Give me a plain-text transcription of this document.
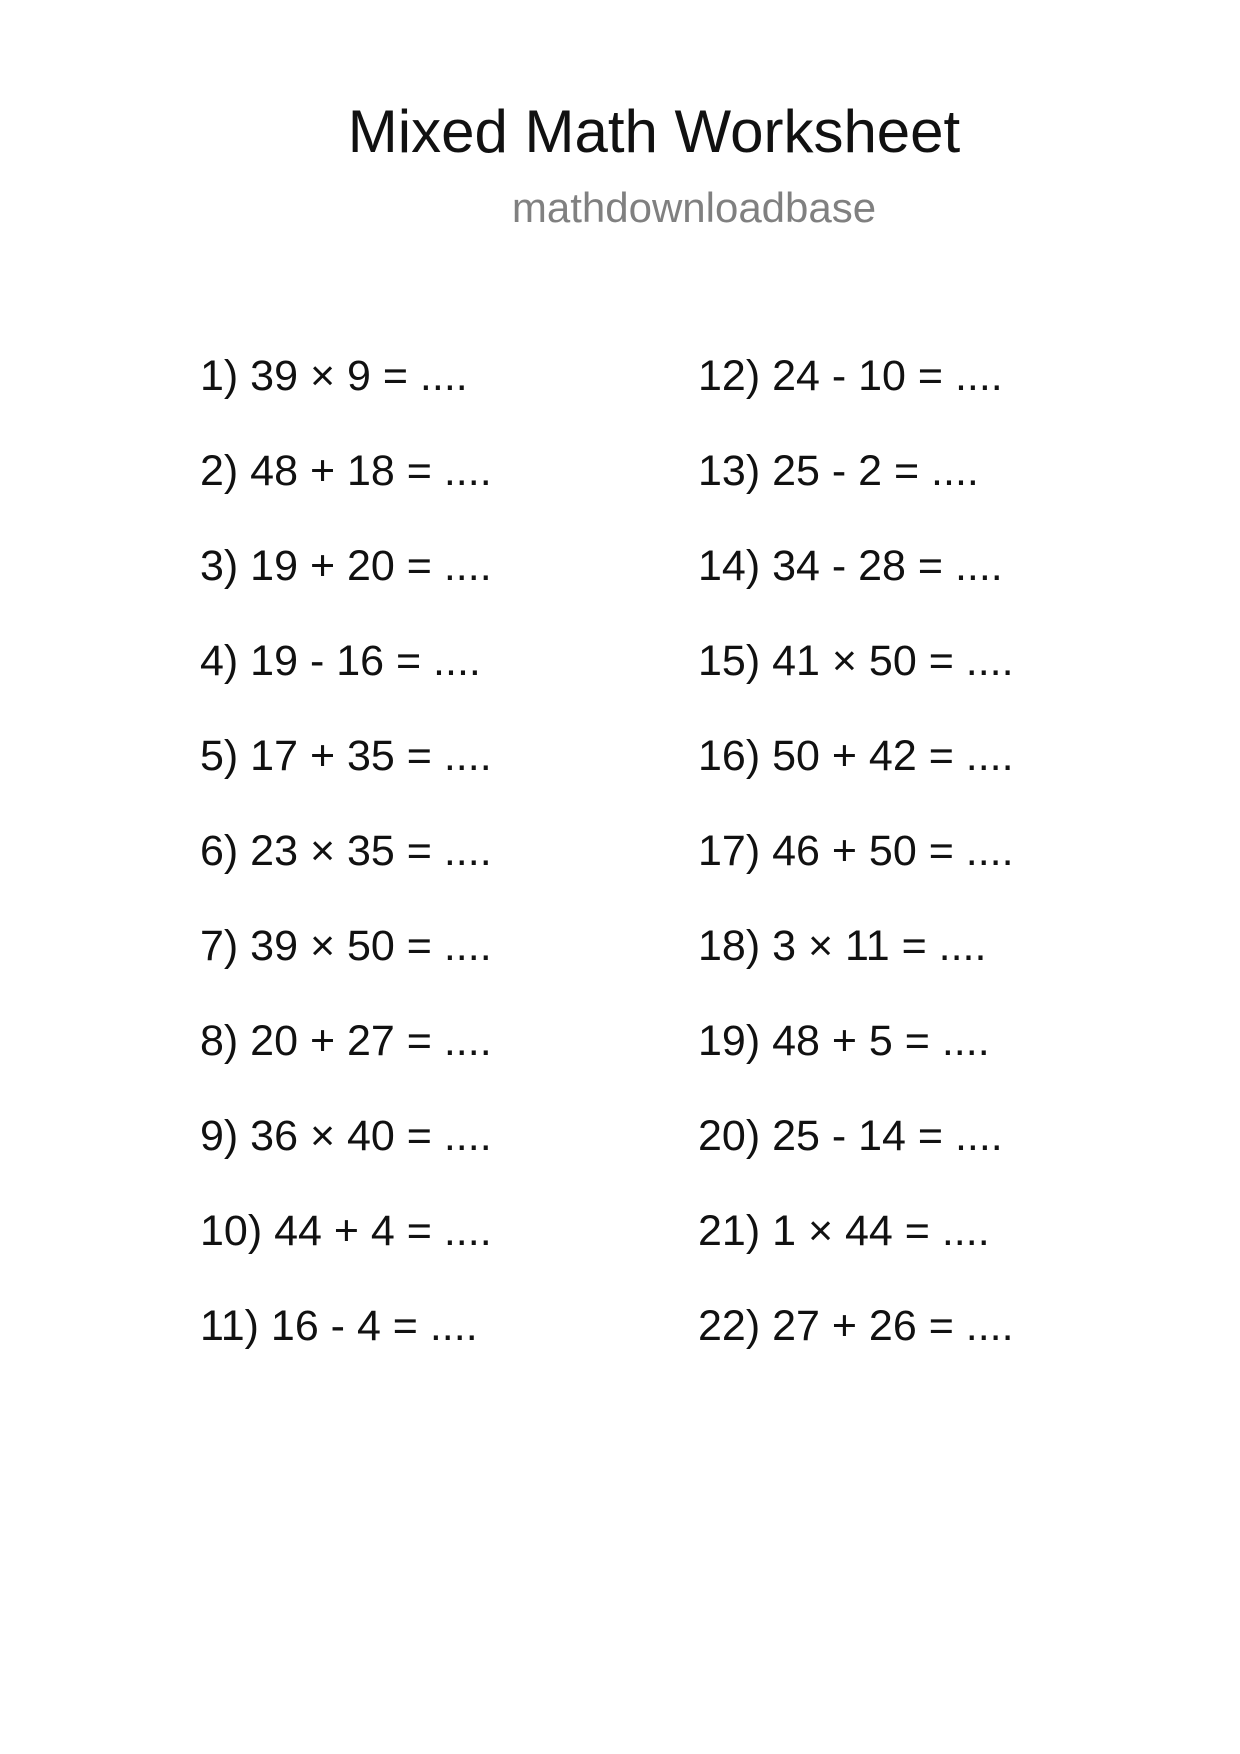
Mixed Math Worksheet
mathdownloadbase
1) 39 × 9 = ....
2) 48 + 18 = ....
3) 19 + 20 = ....
4) 19 - 16 = ....
5) 17 + 35 = ....
6) 23 × 35 = ....
7) 39 × 50 = ....
8) 20 + 27 = ....
9) 36 × 40 = ....
10) 44 + 4 = ....
11) 16 - 4 = ....
12) 24 - 10 = ....
13) 25 - 2 = ....
14) 34 - 28 = ....
15) 41 × 50 = ....
16) 50 + 42 = ....
17) 46 + 50 = ....
18) 3 × 11 = ....
19) 48 + 5 = ....
20) 25 - 14 = ....
21) 1 × 44 = ....
22) 27 + 26 = ....
